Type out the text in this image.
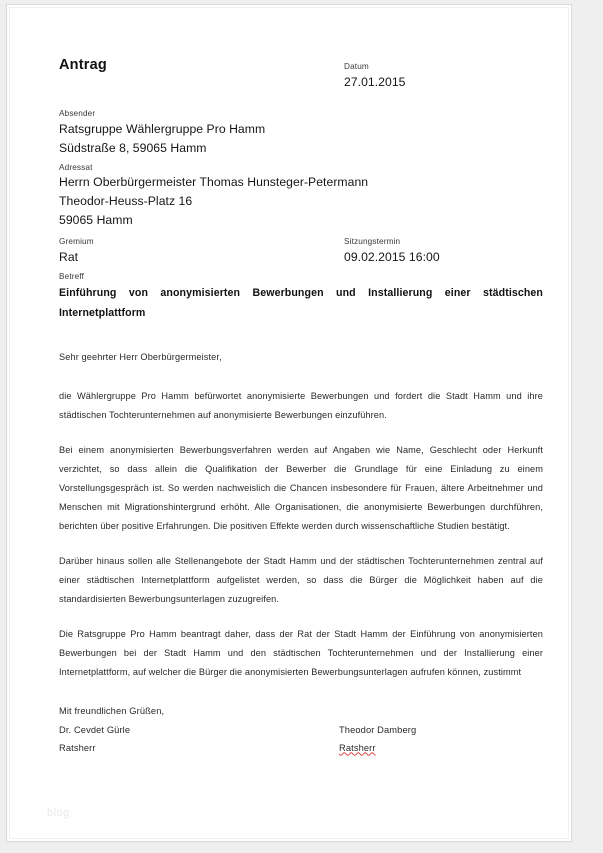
Antrag	Datum

27.01.2015

Absender

Ratsgruppe Wählergruppe Pro Hamm

Südstraße 8, 59065 Hamm

Adressat

Herrn Oberbürgermeister Thomas Hunsteger-Petermann

Theodor-Heuss-Platz 16

59065 Hamm

Gremium

Rat

Sitzungstermin

09.02.2015 16:00

Betreff

Einführung von anonymisierten Bewerbungen und Installierung einer städtischen Internetplattform

Sehr geehrter Herr Oberbürgermeister,

die Wählergruppe Pro Hamm befürwortet anonymisierte Bewerbungen und fordert die Stadt Hamm und ihre städtischen Tochterunternehmen auf anonymisierte Bewerbungen einzuführen.

Bei einem anonymisierten Bewerbungsverfahren werden auf Angaben wie Name, Geschlecht oder Herkunft verzichtet, so dass allein die Qualifikation der Bewerber die Grundlage für eine Einladung zu einem Vorstellungsgespräch ist. So werden nachweislich die Chancen insbesondere für Frauen, ältere Arbeitnehmer und Menschen mit Migrationshintergrund erhöht. Alle Organisationen, die anonymisierte Bewerbungen durchführen, berichten über positive Erfahrungen. Die positiven Effekte werden durch wissenschaftliche Studien bestätigt.

Darüber hinaus sollen alle Stellenangebote der Stadt Hamm und der städtischen Tochterunternehmen zentral auf einer städtischen Internetplattform aufgelistet werden, so dass die Bürger die Möglichkeit haben auf die standardisierten Bewerbungsunterlagen zuzugreifen.

Die Ratsgruppe Pro Hamm beantragt daher, dass der Rat der Stadt Hamm der Einführung von anonymisierten Bewerbungen bei der Stadt Hamm und den städtischen Tochterunternehmen und der Installierung einer Internetplattform, auf welcher die Bürger die anonymisierten Bewerbungsunterlagen aufrufen können, zustimmt

Mit freundlichen Grüßen,

Dr. Cevdet Gürle

Ratsherr

Theodor Damberg

Ratsherr

blog
